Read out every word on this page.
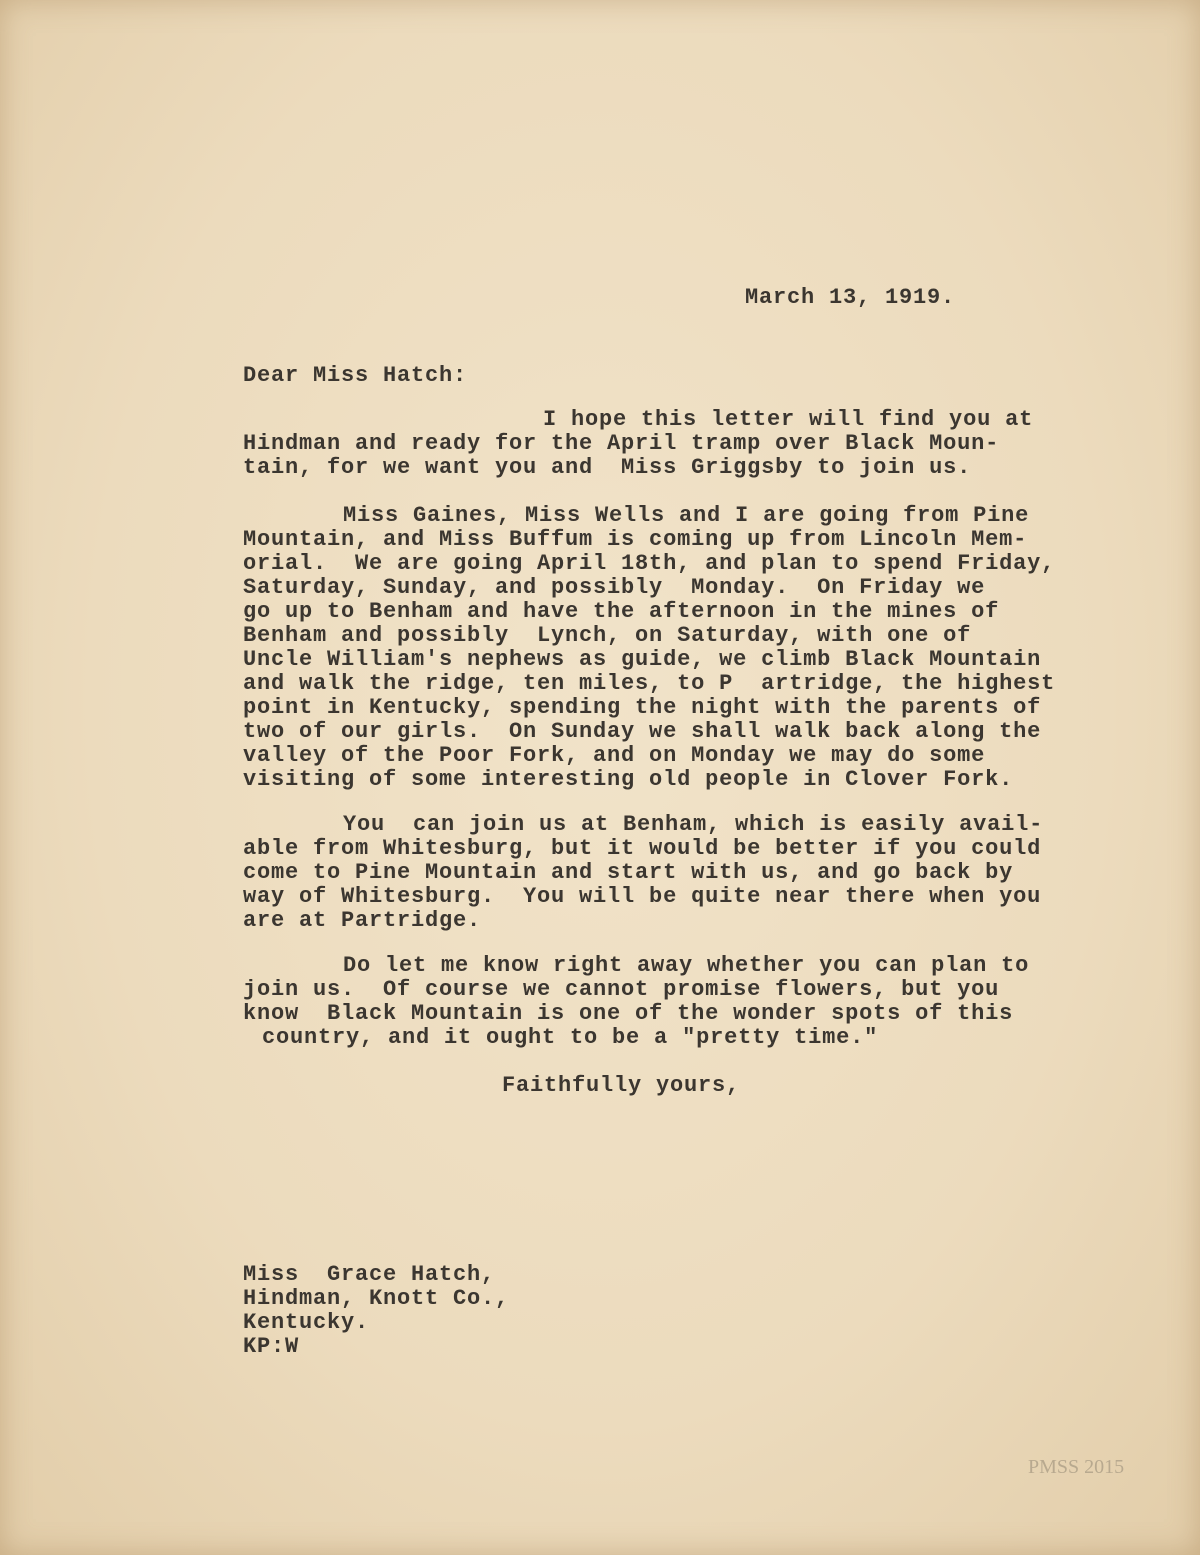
March 13, 1919.
Dear Miss Hatch:
I hope this letter will find you at
Hindman and ready for the April tramp over Black Moun-
tain, for we want you and  Miss Griggsby to join us.
Miss Gaines, Miss Wells and I are going from Pine
Mountain, and Miss Buffum is coming up from Lincoln Mem-
orial.  We are going April 18th, and plan to spend Friday,
Saturday, Sunday, and possibly  Monday.  On Friday we
go up to Benham and have the afternoon in the mines of
Benham and possibly  Lynch, on Saturday, with one of
Uncle William's nephews as guide, we climb Black Mountain
and walk the ridge, ten miles, to P  artridge, the highest
point in Kentucky, spending the night with the parents of
two of our girls.  On Sunday we shall walk back along the
valley of the Poor Fork, and on Monday we may do some
visiting of some interesting old people in Clover Fork.
You  can join us at Benham, which is easily avail-
able from Whitesburg, but it would be better if you could
come to Pine Mountain and start with us, and go back by
way of Whitesburg.  You will be quite near there when you
are at Partridge.
Do let me know right away whether you can plan to
join us.  Of course we cannot promise flowers, but you
know  Black Mountain is one of the wonder spots of this
country, and it ought to be a "pretty time."
Faithfully yours,
Miss  Grace Hatch,
Hindman, Knott Co.,
Kentucky.
KP:W
PMSS 2015
